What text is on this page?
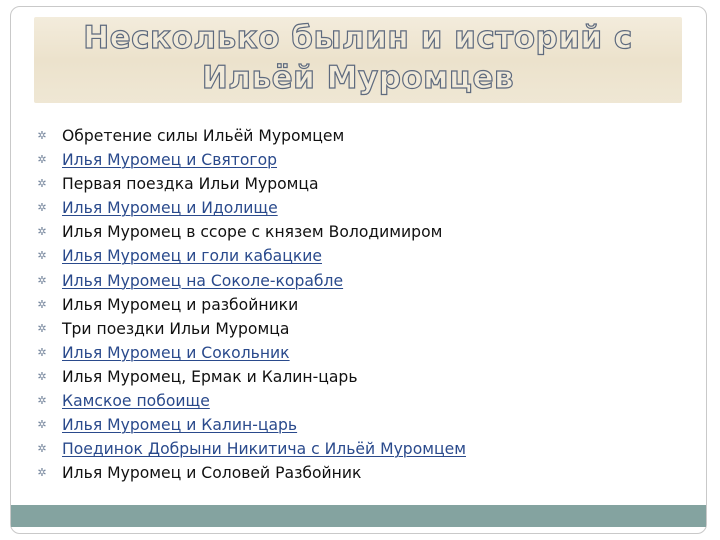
Несколько былин и историй с
Ильёй Муромцев
✲ Обретение силы Ильёй Муромцем
✲ Илья Муромец и Святогор
✲ Первая поездка Ильи Муромца
✲ Илья Муромец и Идолище
✲ Илья Муромец в ссоре с князем Володимиром
✲ Илья Муромец и голи кабацкие
✲ Илья Муромец на Соколе-корабле
✲ Илья Муромец и разбойники
✲ Три поездки Ильи Муромца
✲ Илья Муромец и Сокольник
✲ Илья Муромец, Ермак и Калин-царь
✲ Камское побоище
✲ Илья Муромец и Калин-царь
✲ Поединок Добрыни Никитича с Ильёй Муромцем
✲ Илья Муромец и Соловей Разбойник
